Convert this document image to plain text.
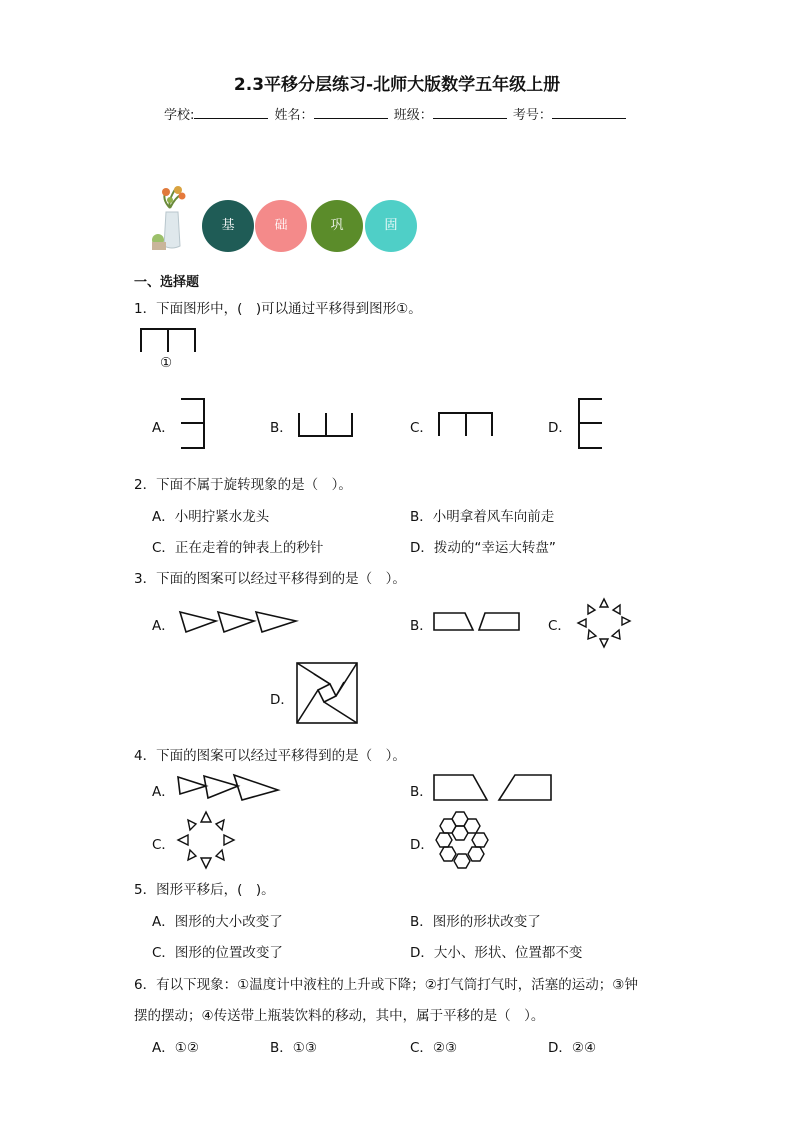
2.3平移分层练习-北师大版数学五年级上册
学校:	姓名：	班级：	考号：
基	础	巩	固
一、选择题
1．下面图形中，(　)可以通过平移得到图形①。
①
A．	B．	C．	D．
2．下面不属于旋转现象的是（　）。
A．小明拧紧水龙头	B．小明拿着风车向前走
C．正在走着的钟表上的秒针	D．拨动的“幸运大转盘”
3．下面的图案可以经过平移得到的是（　）。
A．	B．	C．
D．
4．下面的图案可以经过平移得到的是（　）。
A．	B．
C．	D．
5．图形平移后，(　)。
A．图形的大小改变了	B．图形的形状改变了
C．图形的位置改变了	D．大小、形状、位置都不变
6．有以下现象：①温度计中液柱的上升或下降；②打气筒打气时，活塞的运动；③钟
摆的摆动；④传送带上瓶装饮料的移动，其中，属于平移的是（　）。
A．①②	B．①③	C．②③	D．②④
